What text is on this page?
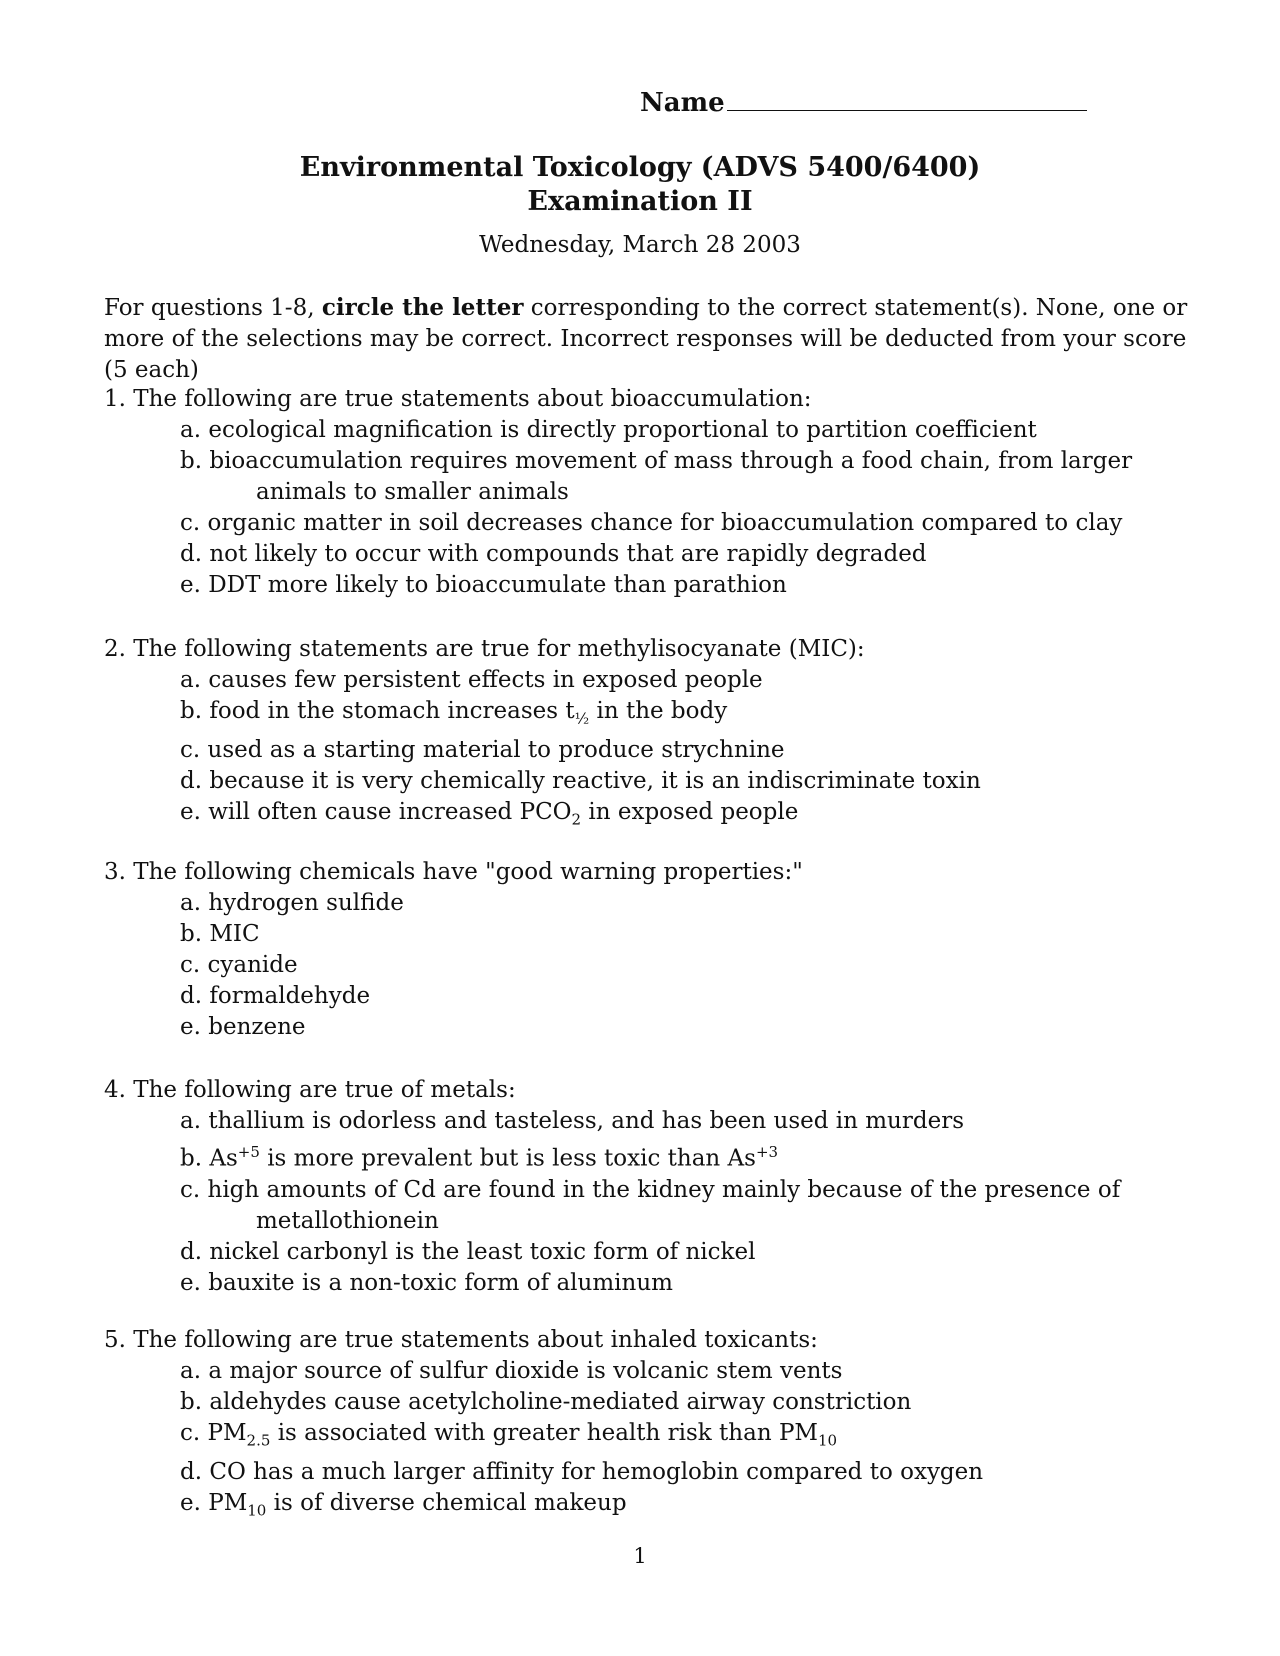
Name
Environmental Toxicology (ADVS 5400/6400)
Examination II
Wednesday, March 28 2003
For questions 1-8, circle the letter corresponding to the correct statement(s). None, one or more of the selections may be correct. Incorrect responses will be deducted from your score (5 each)
1. The following are true statements about bioaccumulation:
a. ecological magnification is directly proportional to partition coefficient
b. bioaccumulation requires movement of mass through a food chain, from larger
animals to smaller animals
c. organic matter in soil decreases chance for bioaccumulation compared to clay
d. not likely to occur with compounds that are rapidly degraded
e. DDT more likely to bioaccumulate than parathion
2. The following statements are true for methylisocyanate (MIC):
a. causes few persistent effects in exposed people
b. food in the stomach increases $t_{\frac{1}{2}}$ in the body
c. used as a starting material to produce strychnine
d. because it is very chemically reactive, it is an indiscriminate toxin
e. will often cause increased $PCO_2$ in exposed people
3. The following chemicals have "good warning properties:"
a. hydrogen sulfide
b. MIC
c. cyanide
d. formaldehyde
e. benzene
4. The following are true of metals:
a. thallium is odorless and tasteless, and has been used in murders
b. $As^{+5}$ is more prevalent but is less toxic than $As^{+3}$
c. high amounts of Cd are found in the kidney mainly because of the presence of
metallothionein
d. nickel carbonyl is the least toxic form of nickel
e. bauxite is a non-toxic form of aluminum
5. The following are true statements about inhaled toxicants:
a. a major source of sulfur dioxide is volcanic stem vents
b. aldehydes cause acetylcholine-mediated airway constriction
c. $PM_{2.5}$ is associated with greater health risk than $PM_{10}$
d. CO has a much larger affinity for hemoglobin compared to oxygen
e. $PM_{10}$ is of diverse chemical makeup
1
